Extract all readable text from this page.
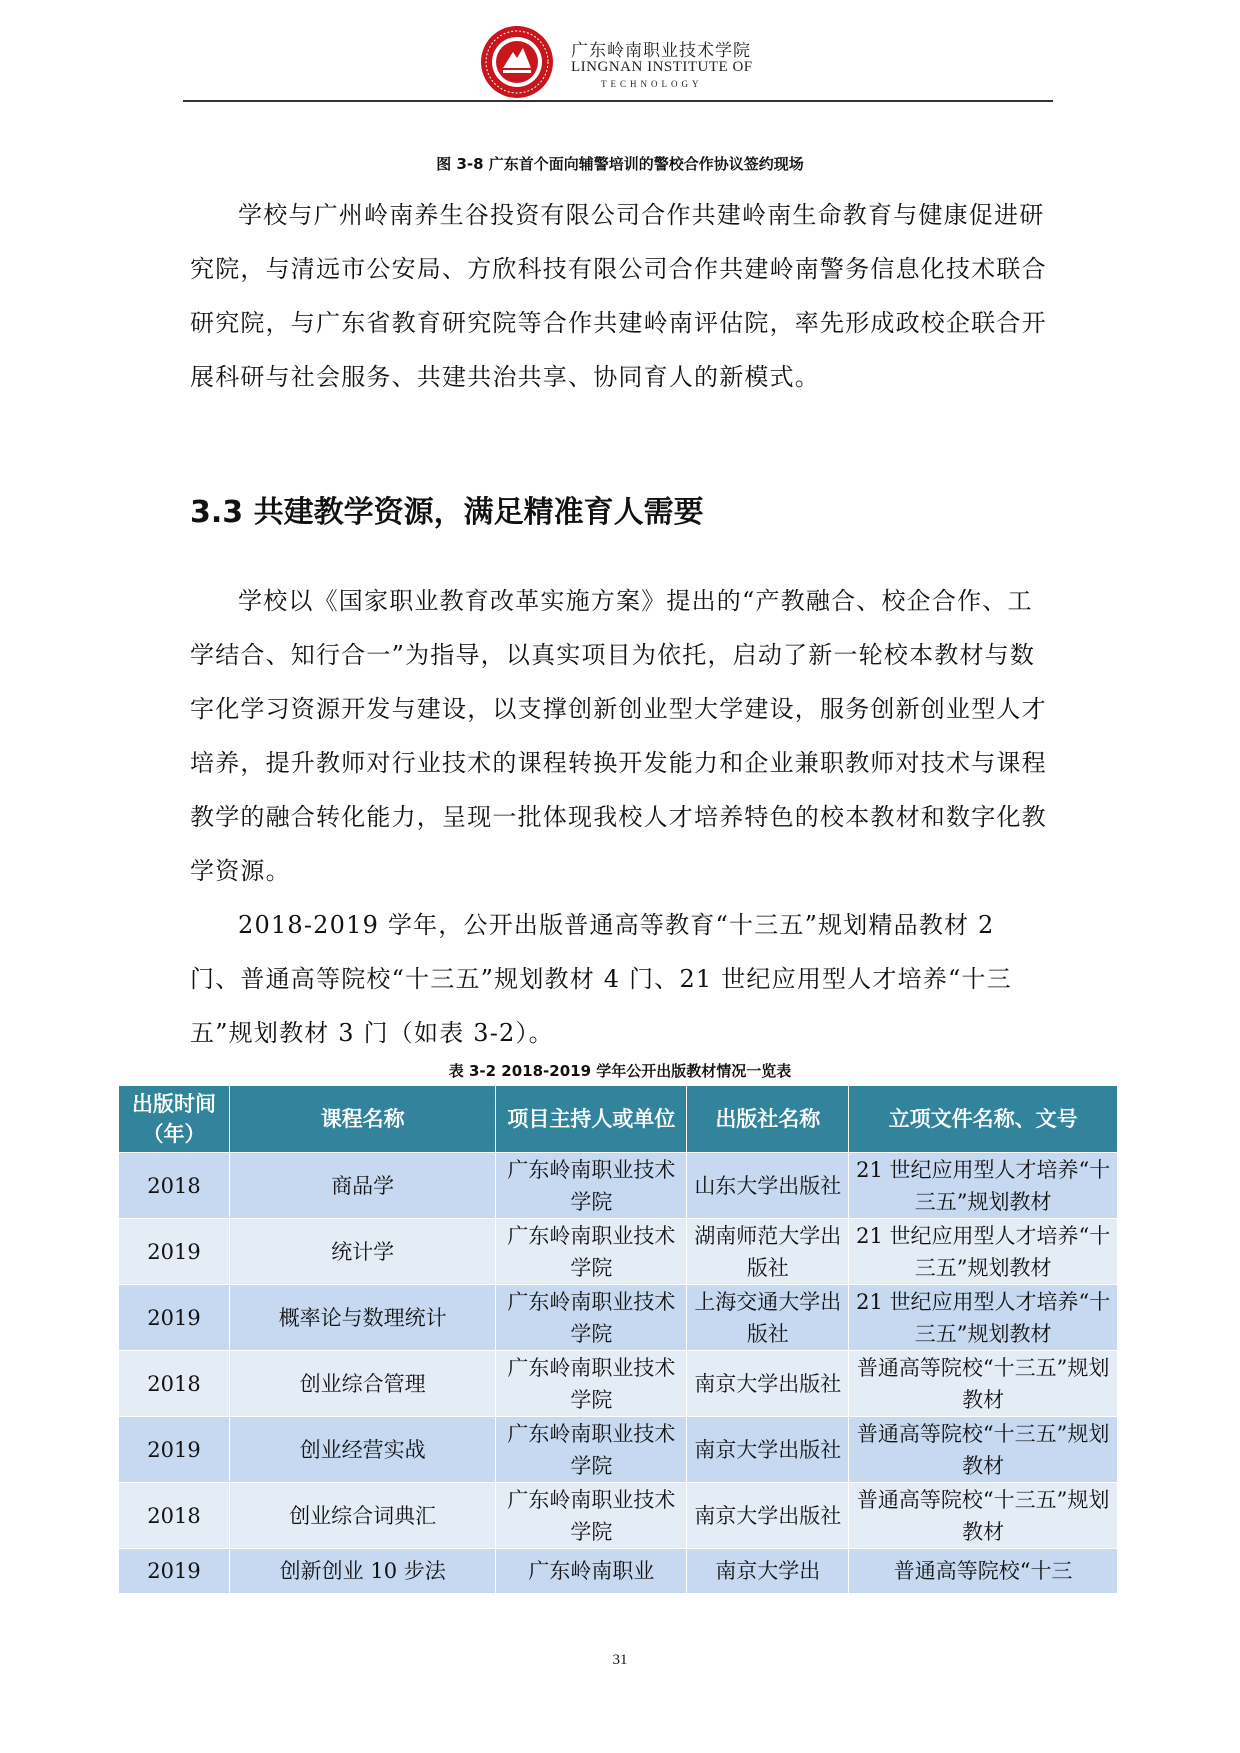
广东岭南职业技术学院
LINGNAN INSTITUTE OF
TECHNOLOGY
图 3-8 广东首个面向辅警培训的警校合作协议签约现场

学校与广州岭南养生谷投资有限公司合作共建岭南生命教育与健康促进研究院，与清远市公安局、方欣科技有限公司合作共建岭南警务信息化技术联合研究院，与广东省教育研究院等合作共建岭南评估院，率先形成政校企联合开展科研与社会服务、共建共治共享、协同育人的新模式。

3.3 共建教学资源，满足精准育人需要

学校以《国家职业教育改革实施方案》提出的“产教融合、校企合作、工学结合、知行合一”为指导，以真实项目为依托，启动了新一轮校本教材与数字化学习资源开发与建设，以支撑创新创业型大学建设，服务创新创业型人才培养，提升教师对行业技术的课程转换开发能力和企业兼职教师对技术与课程教学的融合转化能力，呈现一批体现我校人才培养特色的校本教材和数字化教学资源。

2018-2019 学年，公开出版普通高等教育“十三五”规划精品教材 2 门、普通高等院校“十三五”规划教材 4 门、21 世纪应用型人才培养“十三五”规划教材 3 门（如表 3-2）。

表 3-2 2018-2019 学年公开出版教材情况一览表
出版时间（年）	课程名称	项目主持人或单位	出版社名称	立项文件名称、文号
2018	商品学	广东岭南职业技术学院	山东大学出版社	21 世纪应用型人才培养“十三五”规划教材
2019	统计学	广东岭南职业技术学院	湖南师范大学出版社	21 世纪应用型人才培养“十三五”规划教材
2019	概率论与数理统计	广东岭南职业技术学院	上海交通大学出版社	21 世纪应用型人才培养“十三五”规划教材
2018	创业综合管理	广东岭南职业技术学院	南京大学出版社	普通高等院校“十三五”规划教材
2019	创业经营实战	广东岭南职业技术学院	南京大学出版社	普通高等院校“十三五”规划教材
2018	创业综合词典汇	广东岭南职业技术学院	南京大学出版社	普通高等院校“十三五”规划教材
2019	创新创业 10 步法	广东岭南职业	南京大学出	普通高等院校“十三
31
